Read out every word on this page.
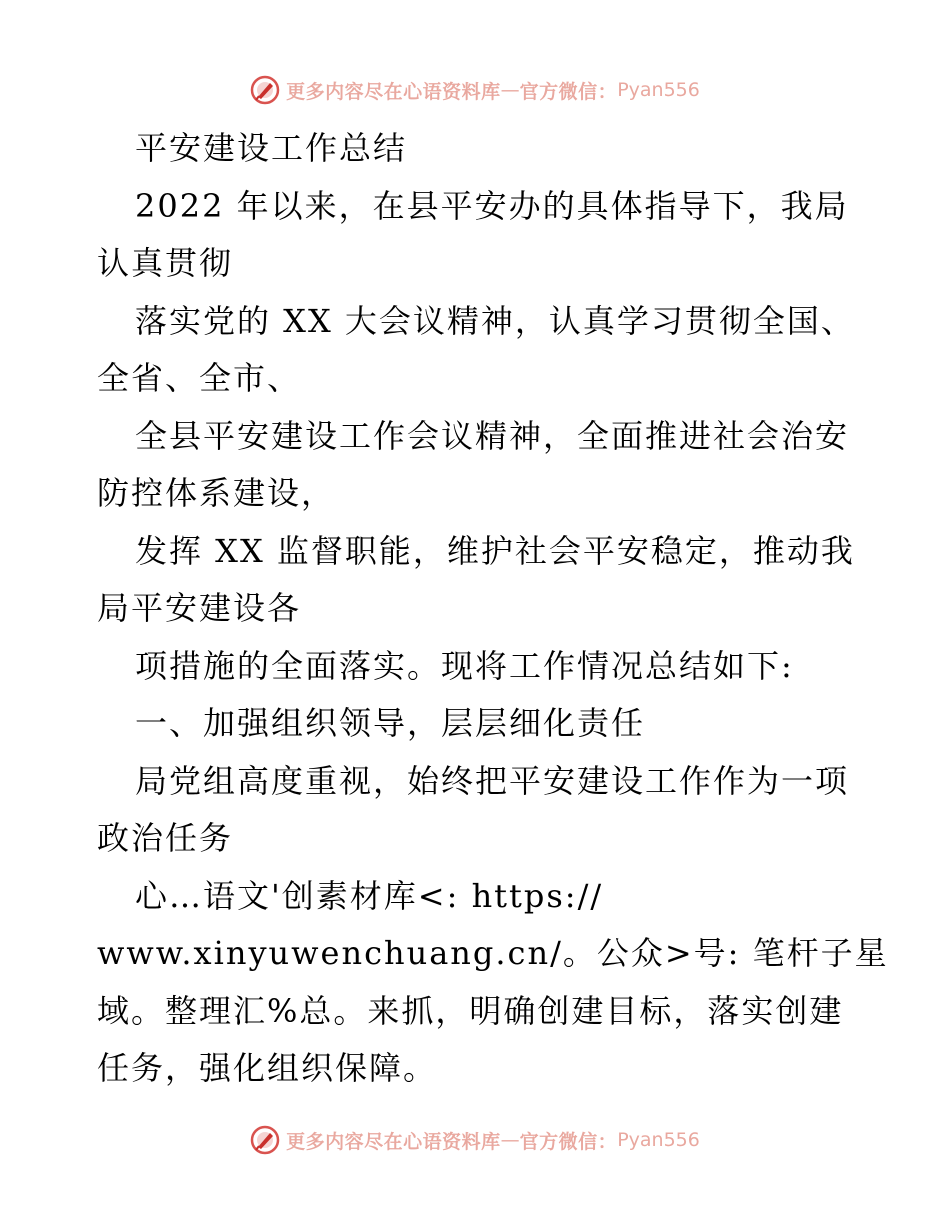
更多内容尽在心语资料库 — 官方微信： Pyan556
平安建设工作总结
2022 年以来，在县平安办的具体指导下，我局
认真贯彻
落实党的 XX 大会议精神，认真学习贯彻全国、
全省、全市、
全县平安建设工作会议精神，全面推进社会治安
防控体系建设，
发挥 XX 监督职能，维护社会平安稳定，推动我
局平安建设各
项措施的全面落实。现将工作情况总结如下:
一、加强组织领导，层层细化责任
局党组高度重视，始终把平安建设工作作为一项
政治任务
心…语文'创素材库<: https://
www.xinyuwenchuang.cn/。公众>号: 笔杆子星
域。整理汇%总。来抓，明确创建目标，落实创建
任务，强化组织保障。
更多内容尽在心语资料库 — 官方微信： Pyan556
